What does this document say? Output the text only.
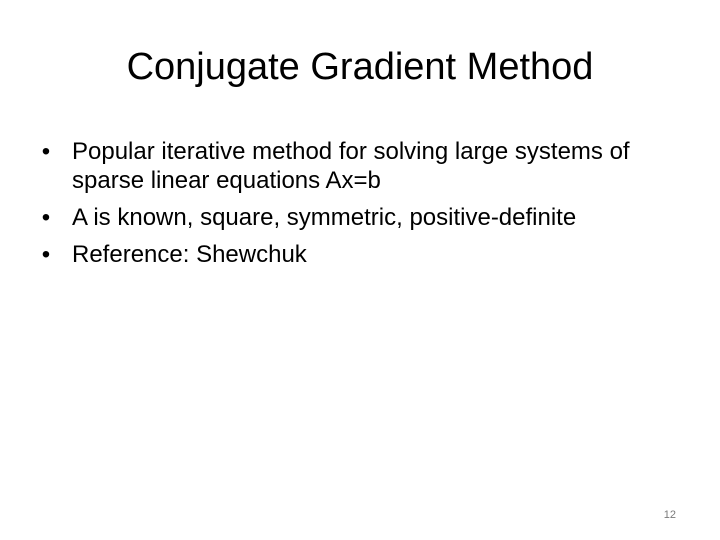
Conjugate Gradient Method
• Popular iterative method for solving large systems of sparse linear equations Ax=b
• A is known, square, symmetric, positive-definite
• Reference: Shewchuk
12
